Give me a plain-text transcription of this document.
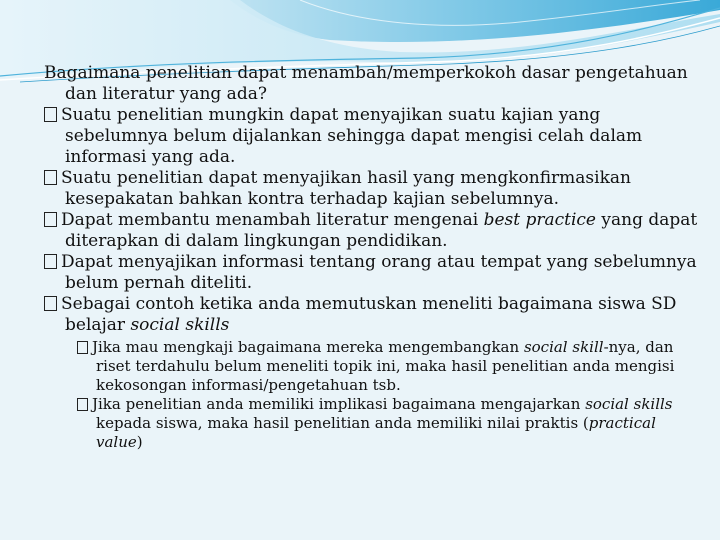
Bagaimana penelitian dapat menambah/memperkokoh dasar pengetahuan dan literatur yang ada?

Suatu penelitian mungkin dapat menyajikan suatu kajian yang sebelumnya belum dijalankan sehingga dapat mengisi celah dalam informasi yang ada.

Suatu penelitian dapat menyajikan hasil yang mengkonfirmasikan kesepakatan bahkan kontra terhadap kajian sebelumnya.

Dapat membantu menambah literatur mengenai best practice yang dapat diterapkan di dalam lingkungan pendidikan.

Dapat menyajikan informasi tentang orang atau tempat yang sebelumnya belum pernah diteliti.

Sebagai contoh ketika anda memutuskan meneliti bagaimana siswa SD belajar social skills

Jika mau mengkaji bagaimana mereka mengembangkan social skill-nya, dan riset terdahulu belum meneliti topik ini, maka hasil penelitian anda mengisi kekosongan informasi/pengetahuan tsb.

Jika penelitian anda memiliki implikasi bagaimana mengajarkan social skills kepada siswa, maka hasil penelitian anda memiliki nilai praktis (practical value)
